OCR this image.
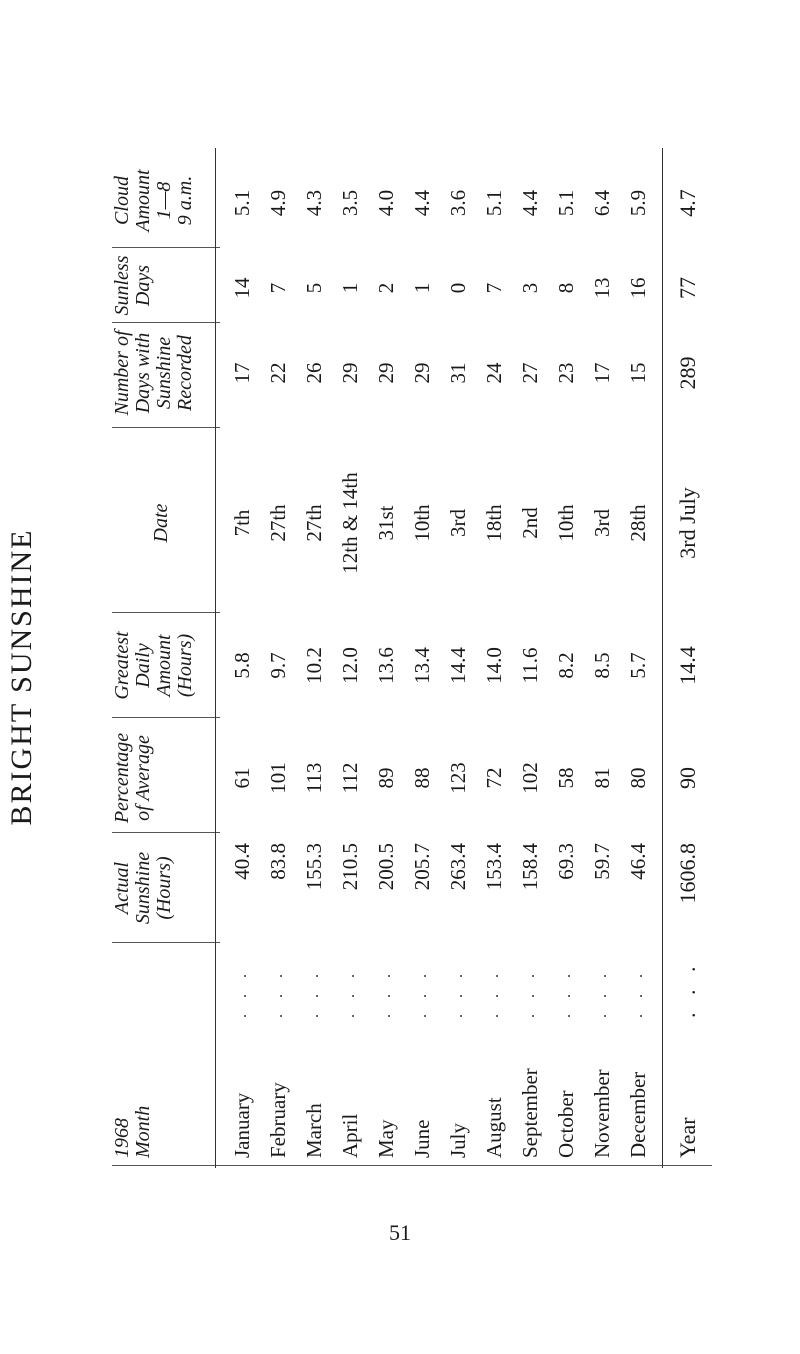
BRIGHT SUNSHINE
1968 Month
Actual Sunshine (Hours)
Percentage of Average
Greatest Daily Amount (Hours)
Date
Number of Days with Sunshine Recorded
Sunless Days
Cloud Amount 1—8 9 a.m.
January
. . .
40.4
61
5.8
7th
17
14
5.1
February
. . .
83.8
101
9.7
27th
22
7
4.9
March
. . .
155.3
113
10.2
27th
26
5
4.3
April
. . .
210.5
112
12.0
12th & 14th
29
1
3.5
May
. . .
200.5
89
13.6
31st
29
2
4.0
June
. . .
205.7
88
13.4
10th
29
1
4.4
July
. . .
263.4
123
14.4
3rd
31
0
3.6
August
. . .
153.4
72
14.0
18th
24
7
5.1
September
. . .
158.4
102
11.6
2nd
27
3
4.4
October
. . .
69.3
58
8.2
10th
23
8
5.1
November
. . .
59.7
81
8.5
3rd
17
13
6.4
December
. . .
46.4
80
5.7
28th
15
16
5.9
Year
. . .
1606.8
90
14.4
3rd July
289
77
4.7
51
